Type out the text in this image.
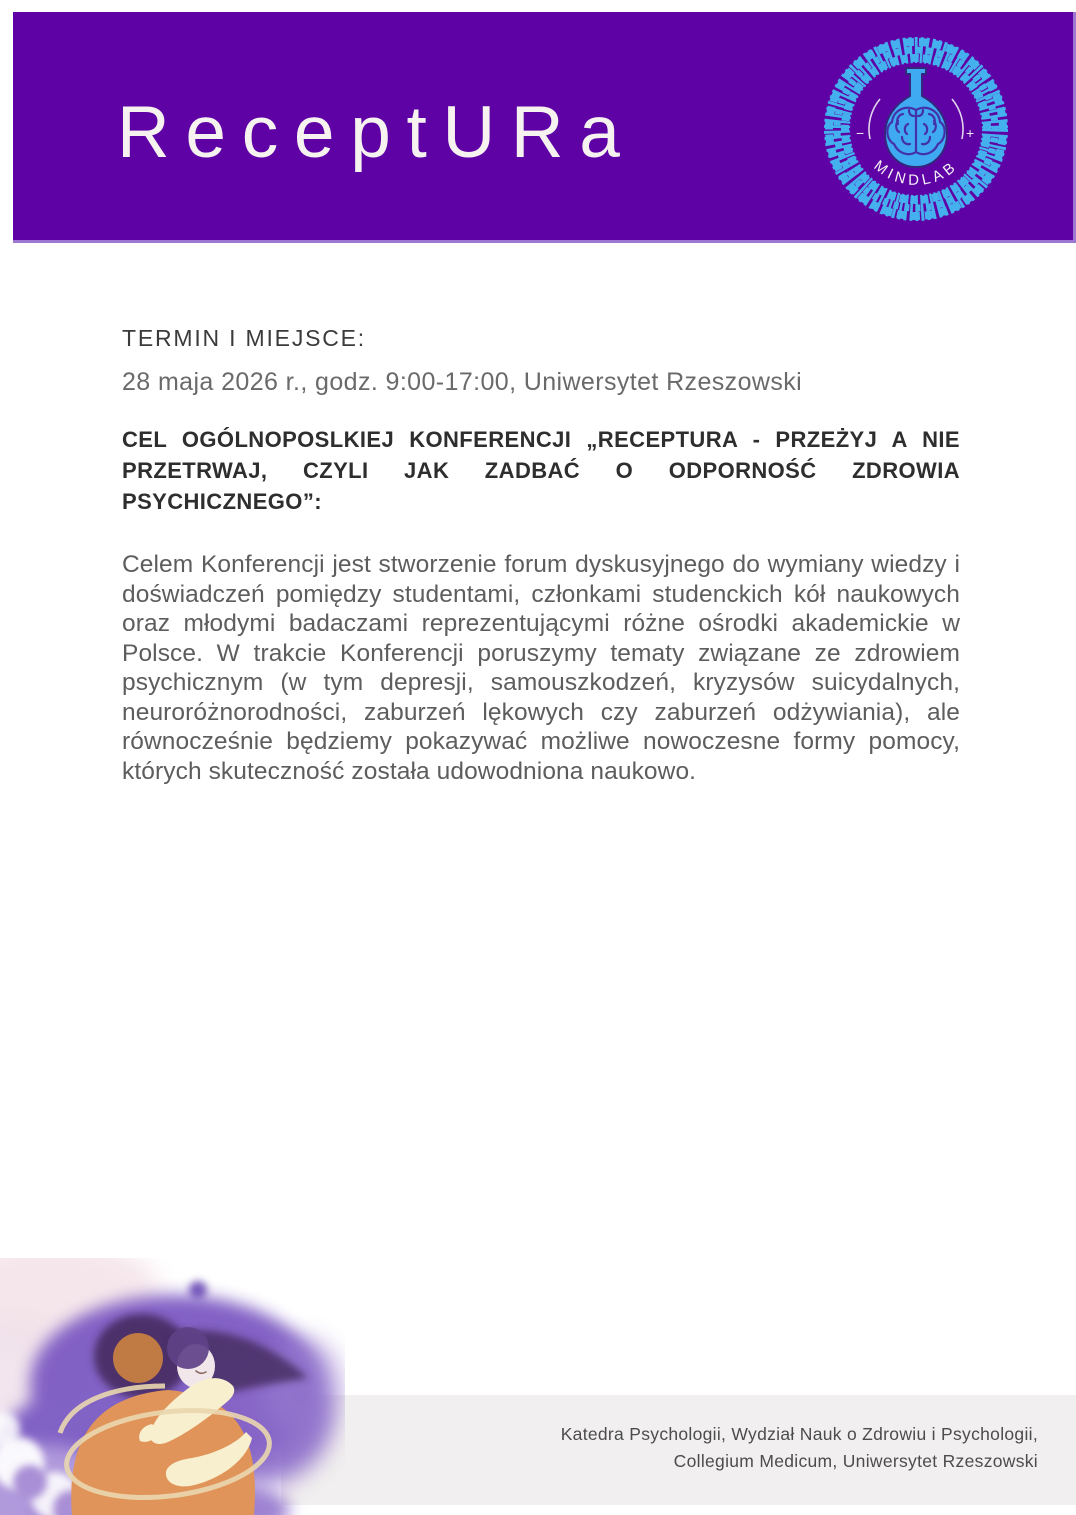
ReceptURa	−	+
MINDLAB
TERMIN I MIEJSCE:
28 maja 2026 r., godz. 9:00-17:00, Uniwersytet Rzeszowski
CEL OGÓLNOPOSLKIEJ KONFERENCJI „RECEPTURA - PRZEŻYJ A NIE PRZETRWAJ, CZYLI JAK ZADBAĆ O ODPORNOŚĆ ZDROWIA PSYCHICZNEGO”:
Celem Konferencji jest stworzenie forum dyskusyjnego do wymiany wiedzy i doświadczeń pomiędzy studentami, członkami studenckich kół naukowych oraz młodymi badaczami reprezentującymi różne ośrodki akademickie w Polsce. W trakcie Konferencji poruszymy tematy związane ze zdrowiem psychicznym (w tym depresji, samouszkodzeń, kryzysów suicydalnych, neuroróżnorodności, zaburzeń lękowych czy zaburzeń odżywiania), ale równocześnie będziemy pokazywać możliwe nowoczesne formy pomocy, których skuteczność została udowodniona naukowo.
Katedra Psychologii, Wydział Nauk o Zdrowiu i Psychologii,
Collegium Medicum, Uniwersytet Rzeszowski
